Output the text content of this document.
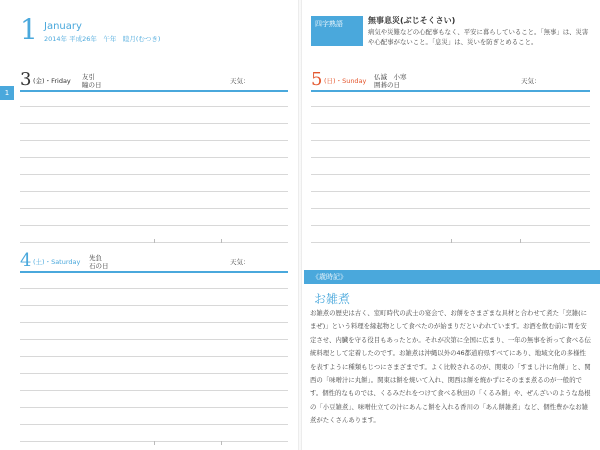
1
1 January
2014年 平成26年　午年　睦月(むつき)
3 (金)・Friday 友引
瞳の日	天気：
4 (土)・Saturday 先負
石の日	天気：
5 (日)・Sunday 仏滅　小寒
囲碁の日	天気：
四字熟語	無事息災(ぶじそくさい)
病気や災難などの心配事もなく、平安に暮らしていること。「無事」は、災害や心配事がないこと。「息災」は、災いを防ぎとめること。
《歳時記》
お雑煮
お雑煮の歴史は古く、室町時代の武士の宴会で、お餅をさまざまな具材と合わせて煮た「烹雑(にまぜ)」という料理を縁起物として食べたのが始まりだといわれています。お酒を飲む前に胃を安定させ、内臓を守る役目もあったとか。それが次第に全国に広まり、一年の無事を祈って食べる伝統料理として定着したのです。お雑煮は沖縄以外の46都道府県すべてにあり、地域文化の多様性を表すように種類もじつにさまざまです。よく比較されるのが、関東の「すまし汁に角餅」と、関西の「味噌汁に丸餅」。関東は餅を焼いて入れ、関西は餅を焼かずにそのまま煮るのが一般的です。個性的なものでは、くるみだれをつけて食べる秋田の「くるみ餅」や、ぜんざいのような島根の「小豆雑煮」、味噌仕立ての汁にあんこ餅を入れる香川の「あん餅雑煮」など、個性豊かなお雑煮がたくさんあります。
